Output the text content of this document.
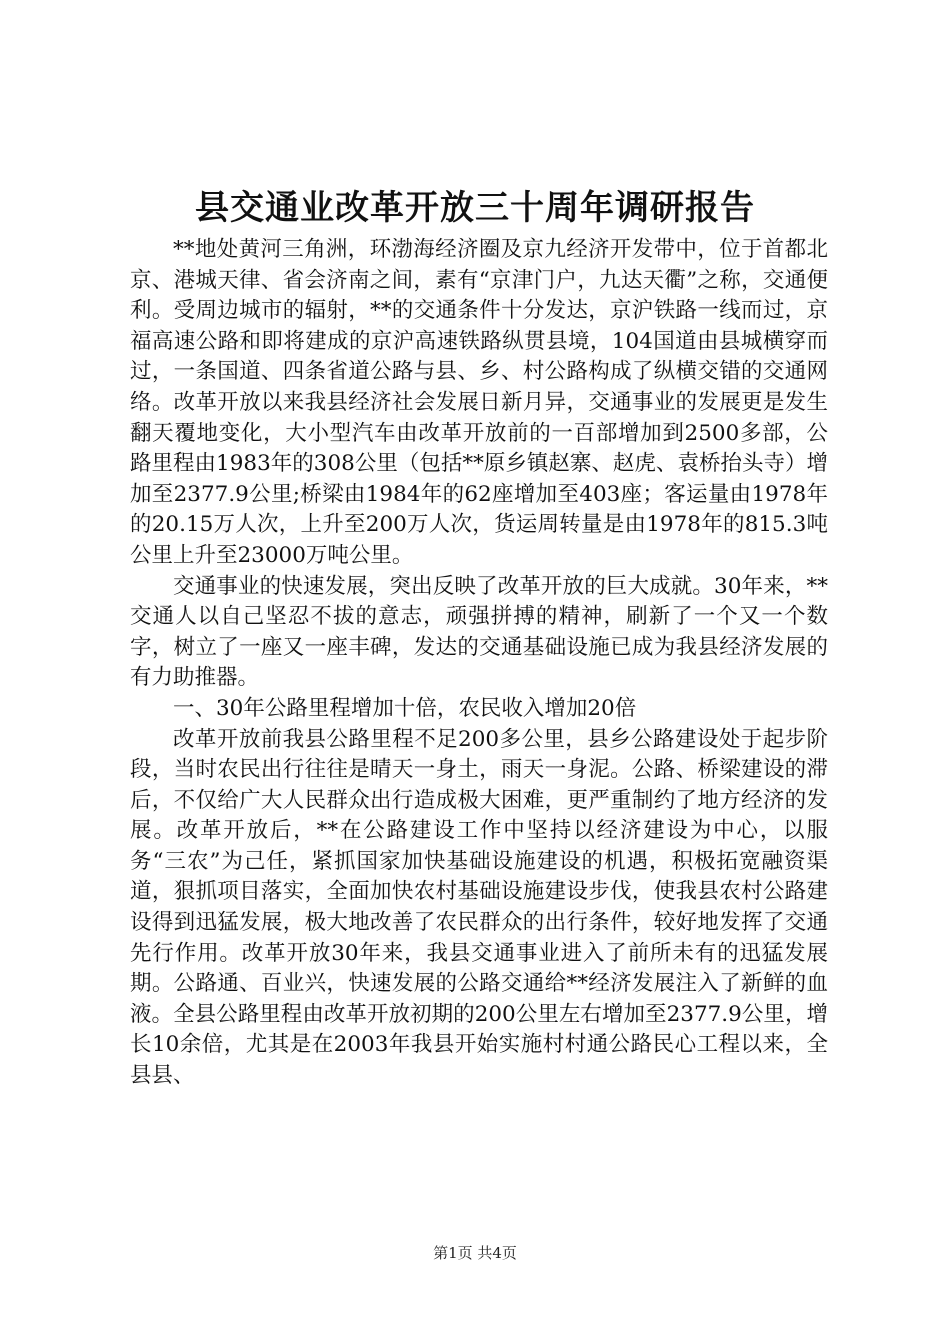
县交通业改革开放三十周年调研报告

**地处黄河三角洲，环渤海经济圈及京九经济开发带中，位于首都北京、港城天律、省会济南之间，素有“京津门户，九达天衢”之称，交通便利。受周边城市的辐射，**的交通条件十分发达，京沪铁路一线而过，京福高速公路和即将建成的京沪高速铁路纵贯县境，104国道由县城横穿而过，一条国道、四条省道公路与县、乡、村公路构成了纵横交错的交通网络。改革开放以来我县经济社会发展日新月异，交通事业的发展更是发生翻天覆地变化，大小型汽车由改革开放前的一百部增加到2500多部，公路里程由1983年的308公里（包括**原乡镇赵寨、赵虎、袁桥抬头寺）增加至2377.9公里;桥梁由1984年的62座增加至403座；客运量由1978年的20.15万人次，上升至200万人次，货运周转量是由1978年的815.3吨公里上升至23000万吨公里。

交通事业的快速发展，突出反映了改革开放的巨大成就。30年来，**交通人以自己坚忍不拔的意志，顽强拼搏的精神，刷新了一个又一个数字，树立了一座又一座丰碑，发达的交通基础设施已成为我县经济发展的有力助推器。

一、30年公路里程增加十倍，农民收入增加20倍

改革开放前我县公路里程不足200多公里，县乡公路建设处于起步阶段，当时农民出行往往是晴天一身土，雨天一身泥。公路、桥梁建设的滞后，不仅给广大人民群众出行造成极大困难，更严重制约了地方经济的发展。改革开放后，**在公路建设工作中坚持以经济建设为中心，以服务“三农”为己任，紧抓国家加快基础设施建设的机遇，积极拓宽融资渠道，狠抓项目落实，全面加快农村基础设施建设步伐，使我县农村公路建设得到迅猛发展，极大地改善了农民群众的出行条件，较好地发挥了交通先行作用。改革开放30年来，我县交通事业进入了前所未有的迅猛发展期。公路通、百业兴，快速发展的公路交通给**经济发展注入了新鲜的血液。全县公路里程由改革开放初期的200公里左右增加至2377.9公里，增长10余倍，尤其是在2003年我县开始实施村村通公路民心工程以来，全县县、

第1页 共4页
